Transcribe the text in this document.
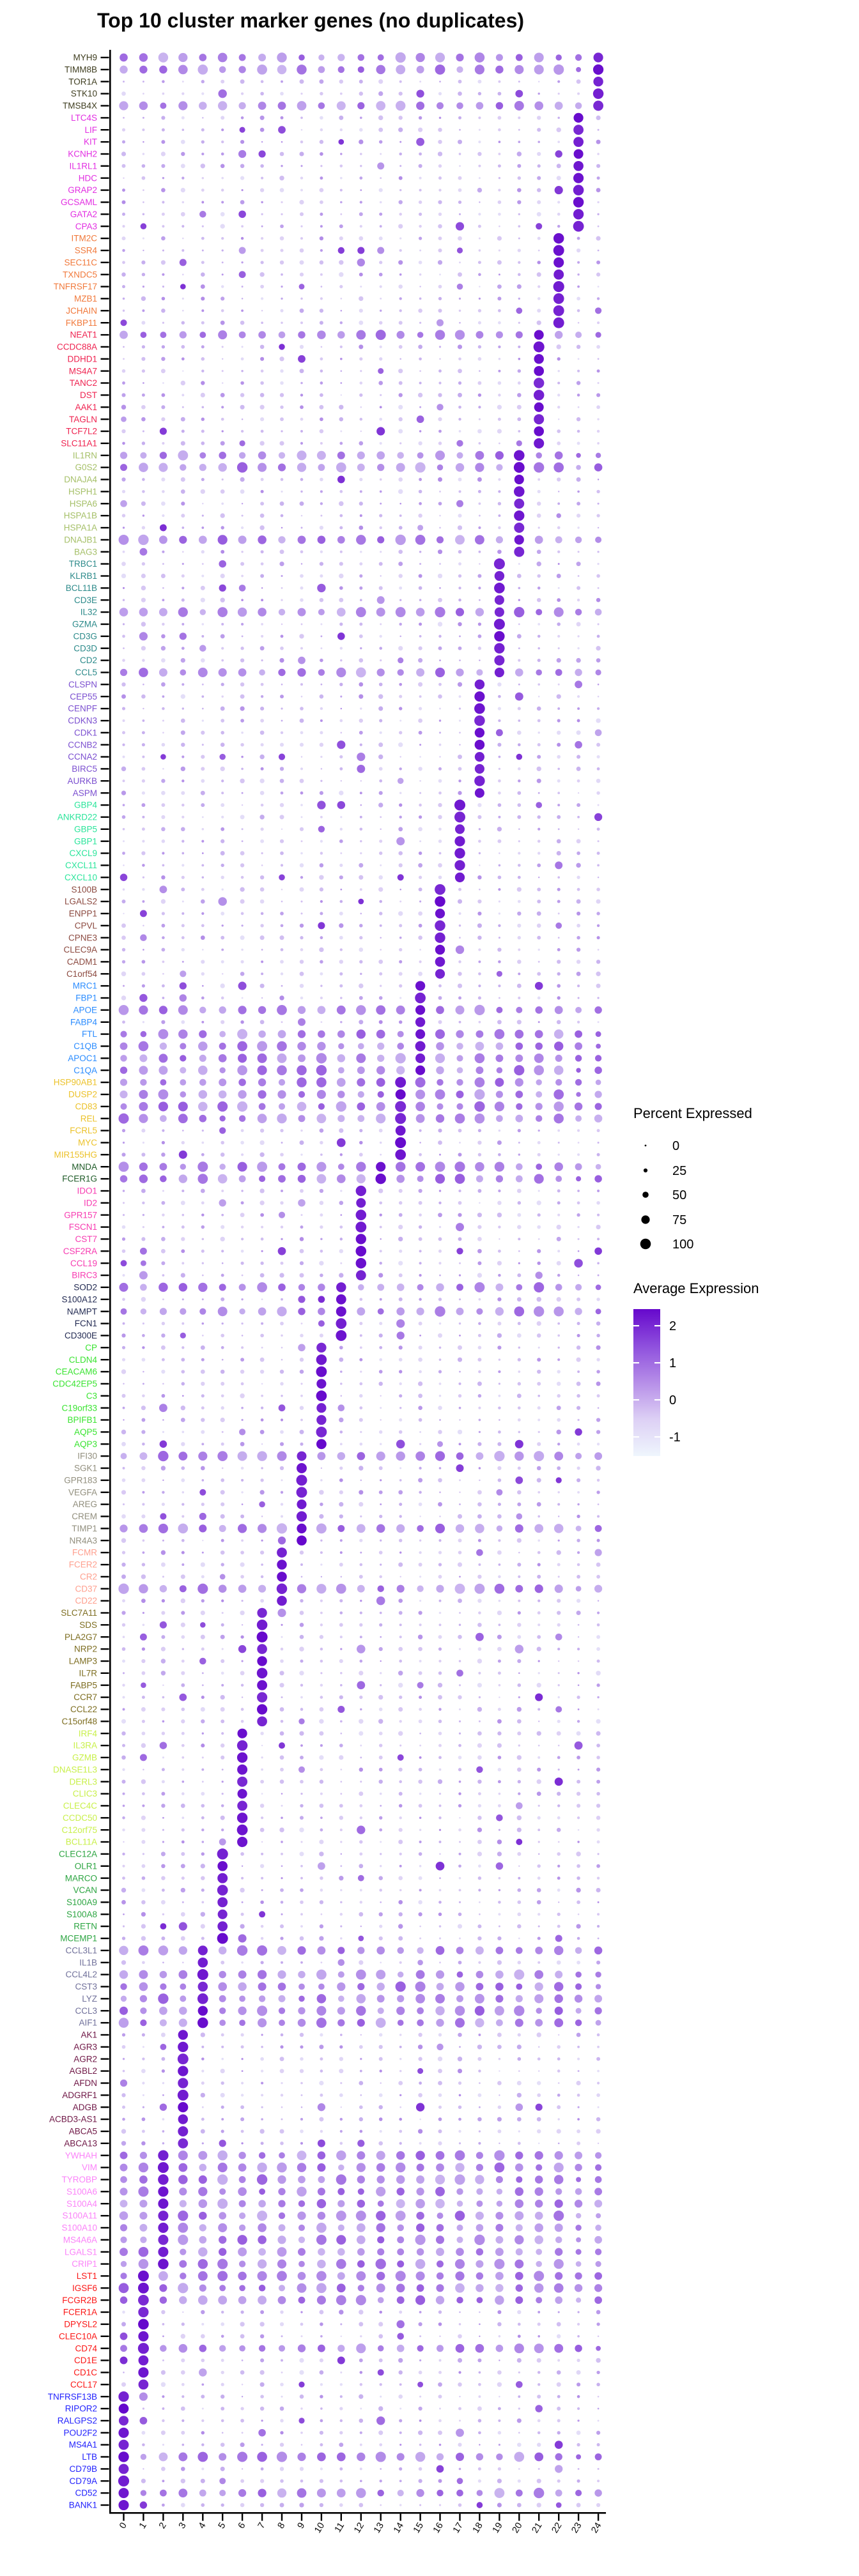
Top 10 cluster marker genes (no duplicates)
Percent Expressed
Average Expression
MYH9
TIMM8B
TOR1A
STK10
TMSB4X
LTC4S
LIF
KIT
KCNH2
IL1RL1
HDC
GRAP2
GCSAML
GATA2
CPA3
ITM2C
SSR4
SEC11C
TXNDC5
TNFRSF17
MZB1
JCHAIN
FKBP11
NEAT1
CCDC88A
DDHD1
MS4A7
TANC2
DST
AAK1
TAGLN
TCF7L2
SLC11A1
IL1RN
G0S2
DNAJA4
HSPH1
HSPA6
HSPA1B
HSPA1A
DNAJB1
BAG3
TRBC1
KLRB1
BCL11B
CD3E
IL32
GZMA
CD3G
CD3D
CD2
CCL5
CLSPN
CEP55
CENPF
CDKN3
CDK1
CCNB2
CCNA2
BIRC5
AURKB
ASPM
GBP4
ANKRD22
GBP5
GBP1
CXCL9
CXCL11
CXCL10
S100B
LGALS2
ENPP1
CPVL
CPNE3
CLEC9A
CADM1
C1orf54
MRC1
FBP1
APOE
FABP4
FTL
C1QB
APOC1
C1QA
HSP90AB1
DUSP2
CD83
REL
FCRL5
MYC
MIR155HG
MNDA
FCER1G
IDO1
ID2
GPR157
FSCN1
CST7
CSF2RA
CCL19
BIRC3
SOD2
S100A12
NAMPT
FCN1
CD300E
CP
CLDN4
CEACAM6
CDC42EP5
C3
C19orf33
BPIFB1
AQP5
AQP3
IFI30
SGK1
GPR183
VEGFA
AREG
CREM
TIMP1
NR4A3
FCMR
FCER2
CR2
CD37
CD22
SLC7A11
SDS
PLA2G7
NRP2
LAMP3
IL7R
FABP5
CCR7
CCL22
C15orf48
IRF4
IL3RA
GZMB
DNASE1L3
DERL3
CLIC3
CLEC4C
CCDC50
C12orf75
BCL11A
CLEC12A
OLR1
MARCO
VCAN
S100A9
S100A8
RETN
MCEMP1
CCL3L1
IL1B
CCL4L2
CST3
LYZ
CCL3
AIF1
AK1
AGR3
AGR2
AGBL2
AFDN
ADGRF1
ADGB
ACBD3-AS1
ABCA5
ABCA13
YWHAH
VIM
TYROBP
S100A6
S100A4
S100A11
S100A10
MS4A6A
LGALS1
CRIP1
LST1
IGSF6
FCGR2B
FCER1A
DPYSL2
CLEC10A
CD74
CD1E
CD1C
CCL17
TNFRSF13B
RIPOR2
RALGPS2
POU2F2
MS4A1
LTB
CD79B
CD79A
CD52
BANK1
0 1 2 3 4 5 6 7 8 9 10 11 12 13 14 15 16 17 18 19 20 21 22 23 24
0
25
50
75
100
2
1
0
-1
